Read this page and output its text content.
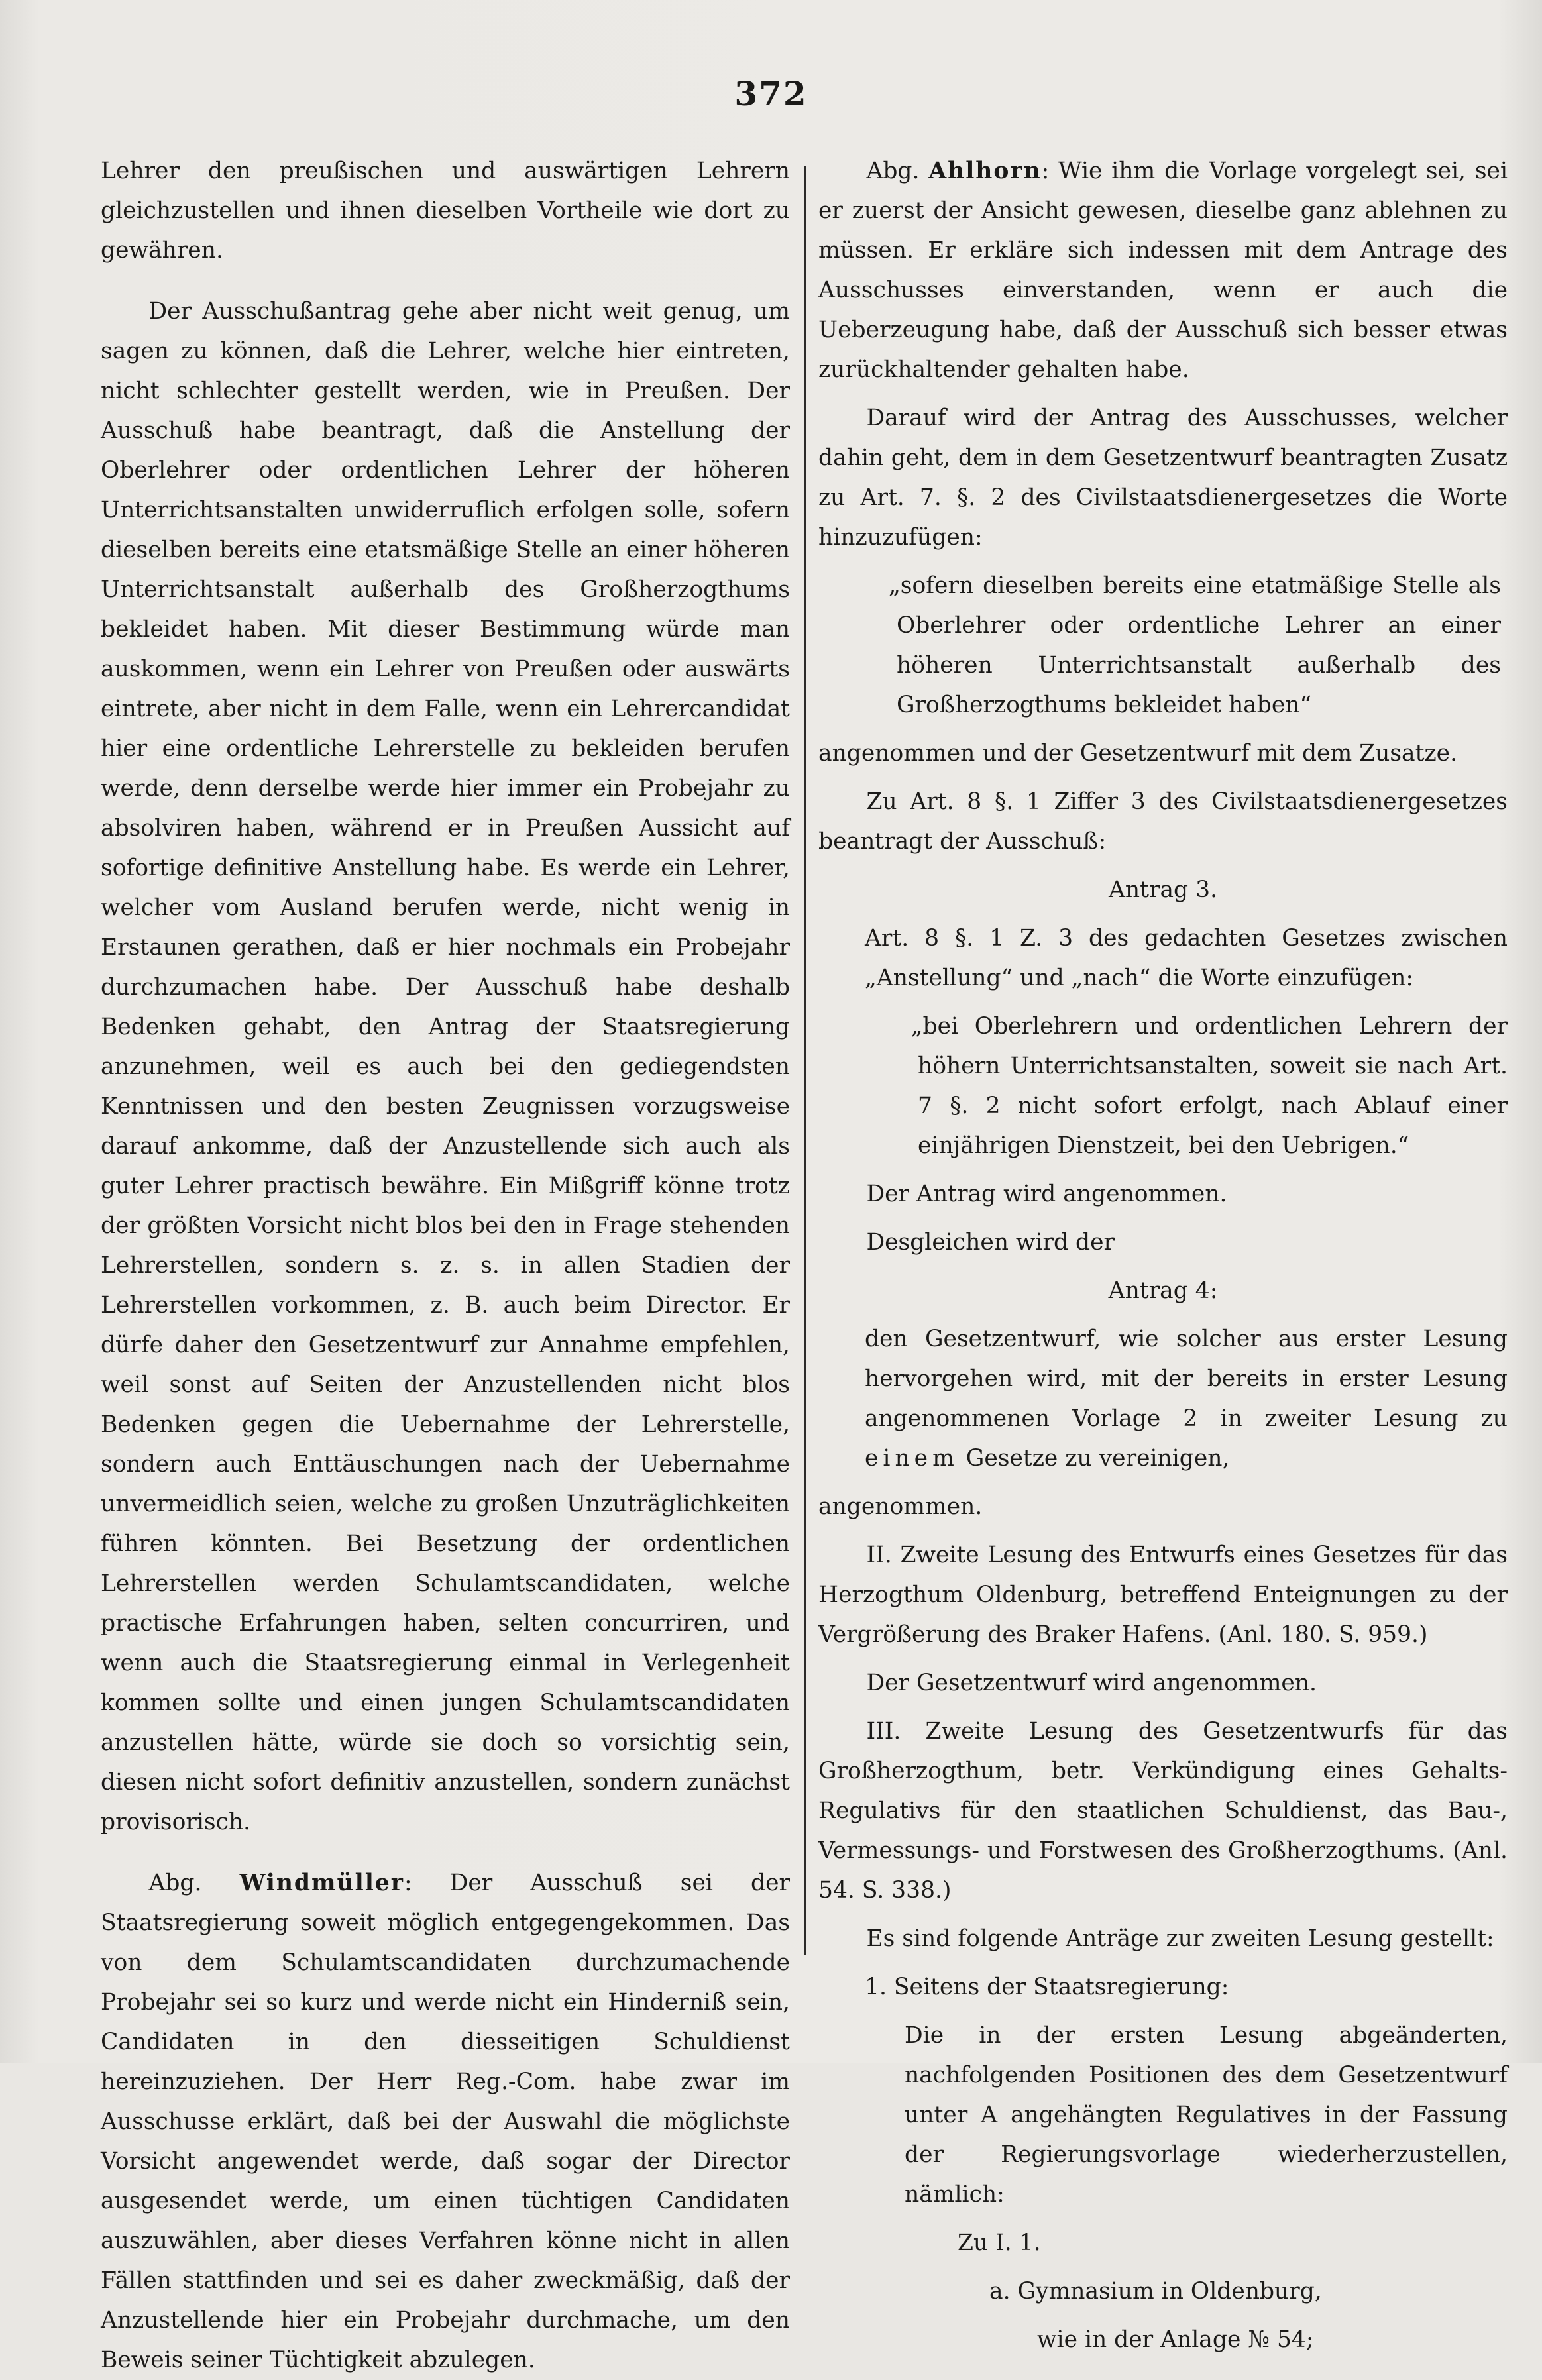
372

Lehrer den preußischen und auswärtigen Lehrern gleichzustellen und ihnen dieselben Vortheile wie dort zu gewähren.

Der Ausschußantrag gehe aber nicht weit genug, um sagen zu können, daß die Lehrer, welche hier eintreten, nicht schlechter gestellt werden, wie in Preußen. Der Ausschuß habe beantragt, daß die Anstellung der Oberlehrer oder ordentlichen Lehrer der höheren Unterrichtsanstalten unwiderruflich erfolgen solle, sofern dieselben bereits eine etatsmäßige Stelle an einer höheren Unterrichtsanstalt außerhalb des Großherzogthums bekleidet haben. Mit dieser Bestimmung würde man auskommen, wenn ein Lehrer von Preußen oder auswärts eintrete, aber nicht in dem Falle, wenn ein Lehrercandidat hier eine ordentliche Lehrerstelle zu bekleiden berufen werde, denn derselbe werde hier immer ein Probejahr zu absolviren haben, während er in Preußen Aussicht auf sofortige definitive Anstellung habe. Es werde ein Lehrer, welcher vom Ausland berufen werde, nicht wenig in Erstaunen gerathen, daß er hier nochmals ein Probejahr durchzumachen habe. Der Ausschuß habe deshalb Bedenken gehabt, den Antrag der Staatsregierung anzunehmen, weil es auch bei den gediegendsten Kenntnissen und den besten Zeugnissen vorzugsweise darauf ankomme, daß der Anzustellende sich auch als guter Lehrer practisch bewähre. Ein Mißgriff könne trotz der größten Vorsicht nicht blos bei den in Frage stehenden Lehrerstellen, sondern s. z. s. in allen Stadien der Lehrerstellen vorkommen, z. B. auch beim Director. Er dürfe daher den Gesetzentwurf zur Annahme empfehlen, weil sonst auf Seiten der Anzustellenden nicht blos Bedenken gegen die Uebernahme der Lehrerstelle, sondern auch Enttäuschungen nach der Uebernahme unvermeidlich seien, welche zu großen Unzuträglichkeiten führen könnten. Bei Besetzung der ordentlichen Lehrerstellen werden Schulamtscandidaten, welche practische Erfahrungen haben, selten concurriren, und wenn auch die Staatsregierung einmal in Verlegenheit kommen sollte und einen jungen Schulamtscandidaten anzustellen hätte, würde sie doch so vorsichtig sein, diesen nicht sofort definitiv anzustellen, sondern zunächst provisorisch.

Abg. Windmüller: Der Ausschuß sei der Staatsregierung soweit möglich entgegengekommen. Das von dem Schulamtscandidaten durchzumachende Probejahr sei so kurz und werde nicht ein Hinderniß sein, Candidaten in den diesseitigen Schuldienst hereinzuziehen. Der Herr Reg.-Com. habe zwar im Ausschusse erklärt, daß bei der Auswahl die möglichste Vorsicht angewendet werde, daß sogar der Director ausgesendet werde, um einen tüchtigen Candidaten auszuwählen, aber dieses Verfahren könne nicht in allen Fällen stattfinden und sei es daher zweckmäßig, daß der Anzustellende hier ein Probejahr durchmache, um den Beweis seiner Tüchtigkeit abzulegen.

Abg. Ahlhorn: Wie ihm die Vorlage vorgelegt sei, sei er zuerst der Ansicht gewesen, dieselbe ganz ablehnen zu müssen. Er erkläre sich indessen mit dem Antrage des Ausschusses einverstanden, wenn er auch die Ueberzeugung habe, daß der Ausschuß sich besser etwas zurückhaltender gehalten habe.

Darauf wird der Antrag des Ausschusses, welcher dahin geht, dem in dem Gesetzentwurf beantragten Zusatz zu Art. 7. §. 2 des Civilstaatsdienergesetzes die Worte hinzuzufügen:

„sofern dieselben bereits eine etatmäßige Stelle als Oberlehrer oder ordentliche Lehrer an einer höheren Unterrichtsanstalt außerhalb des Großherzogthums bekleidet haben“

angenommen und der Gesetzentwurf mit dem Zusatze.

Zu Art. 8 §. 1 Ziffer 3 des Civilstaatsdienergesetzes beantragt der Ausschuß:

Antrag 3.

Art. 8 §. 1 Z. 3 des gedachten Gesetzes zwischen „Anstellung“ und „nach“ die Worte einzufügen:

„bei Oberlehrern und ordentlichen Lehrern der höhern Unterrichtsanstalten, soweit sie nach Art. 7 §. 2 nicht sofort erfolgt, nach Ablauf einer einjährigen Dienstzeit, bei den Uebrigen.“

Der Antrag wird angenommen.

Desgleichen wird der

Antrag 4:

den Gesetzentwurf, wie solcher aus erster Lesung hervorgehen wird, mit der bereits in erster Lesung angenommenen Vorlage 2 in zweiter Lesung zu einem Gesetze zu vereinigen,

angenommen.

II. Zweite Lesung des Entwurfs eines Gesetzes für das Herzogthum Oldenburg, betreffend Enteignungen zu der Vergrößerung des Braker Hafens. (Anl. 180. S. 959.)

Der Gesetzentwurf wird angenommen.

III. Zweite Lesung des Gesetzentwurfs für das Großherzogthum, betr. Verkündigung eines Gehalts-Regulativs für den staatlichen Schuldienst, das Bau-, Vermessungs- und Forstwesen des Großherzogthums. (Anl. 54. S. 338.)

Es sind folgende Anträge zur zweiten Lesung gestellt:

1. Seitens der Staatsregierung:

Die in der ersten Lesung abgeänderten, nachfolgenden Positionen des dem Gesetzentwurf unter A angehängten Regulatives in der Fassung der Regierungsvorlage wiederherzustellen, nämlich:

Zu I. 1.

a. Gymnasium in Oldenburg,

wie in der Anlage № 54;
